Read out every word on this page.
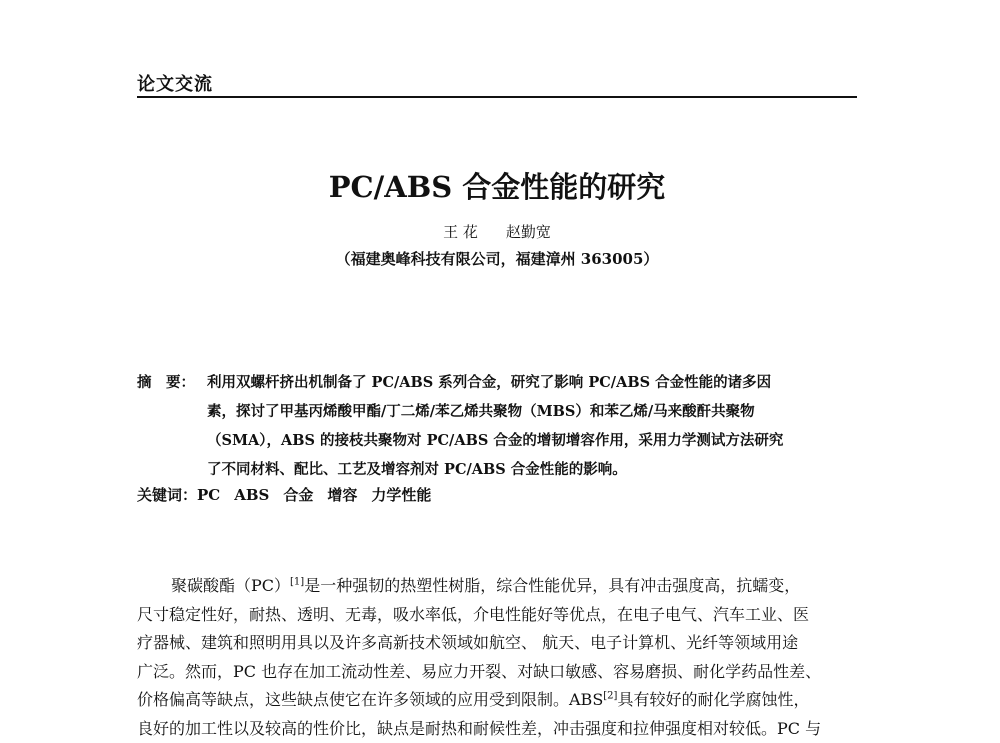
论文交流
PC/ABS 合金性能的研究
王 花 赵勤宽
（福建奥峰科技有限公司，福建漳州 363005）
摘　要： 利用双螺杆挤出机制备了 PC/ABS 系列合金，研究了影响 PC/ABS 合金性能的诸多因
素，探讨了甲基丙烯酸甲酯/丁二烯/苯乙烯共聚物（MBS）和苯乙烯/马来酸酐共聚物
（SMA），ABS 的接枝共聚物对 PC/ABS 合金的增韧增容作用，采用力学测试方法研究
了不同材料、配比、工艺及增容剂对 PC/ABS 合金性能的影响。
关键词：PC ABS 合金 增容 力学性能
聚碳酸酯（PC）[1]是一种强韧的热塑性树脂，综合性能优异，具有冲击强度高，抗蠕变，
尺寸稳定性好，耐热、透明、无毒，吸水率低，介电性能好等优点，在电子电气、汽车工业、医
疗器械、建筑和照明用具以及许多高新技术领域如航空、 航天、电子计算机、光纤等领域用途
广泛。然而，PC 也存在加工流动性差、易应力开裂、对缺口敏感、容易磨损、耐化学药品性差、
价格偏高等缺点，这些缺点使它在许多领域的应用受到限制。ABS[2]具有较好的耐化学腐蚀性，
良好的加工性以及较高的性价比，缺点是耐热和耐候性差，冲击强度和拉伸强度相对较低。PC 与
